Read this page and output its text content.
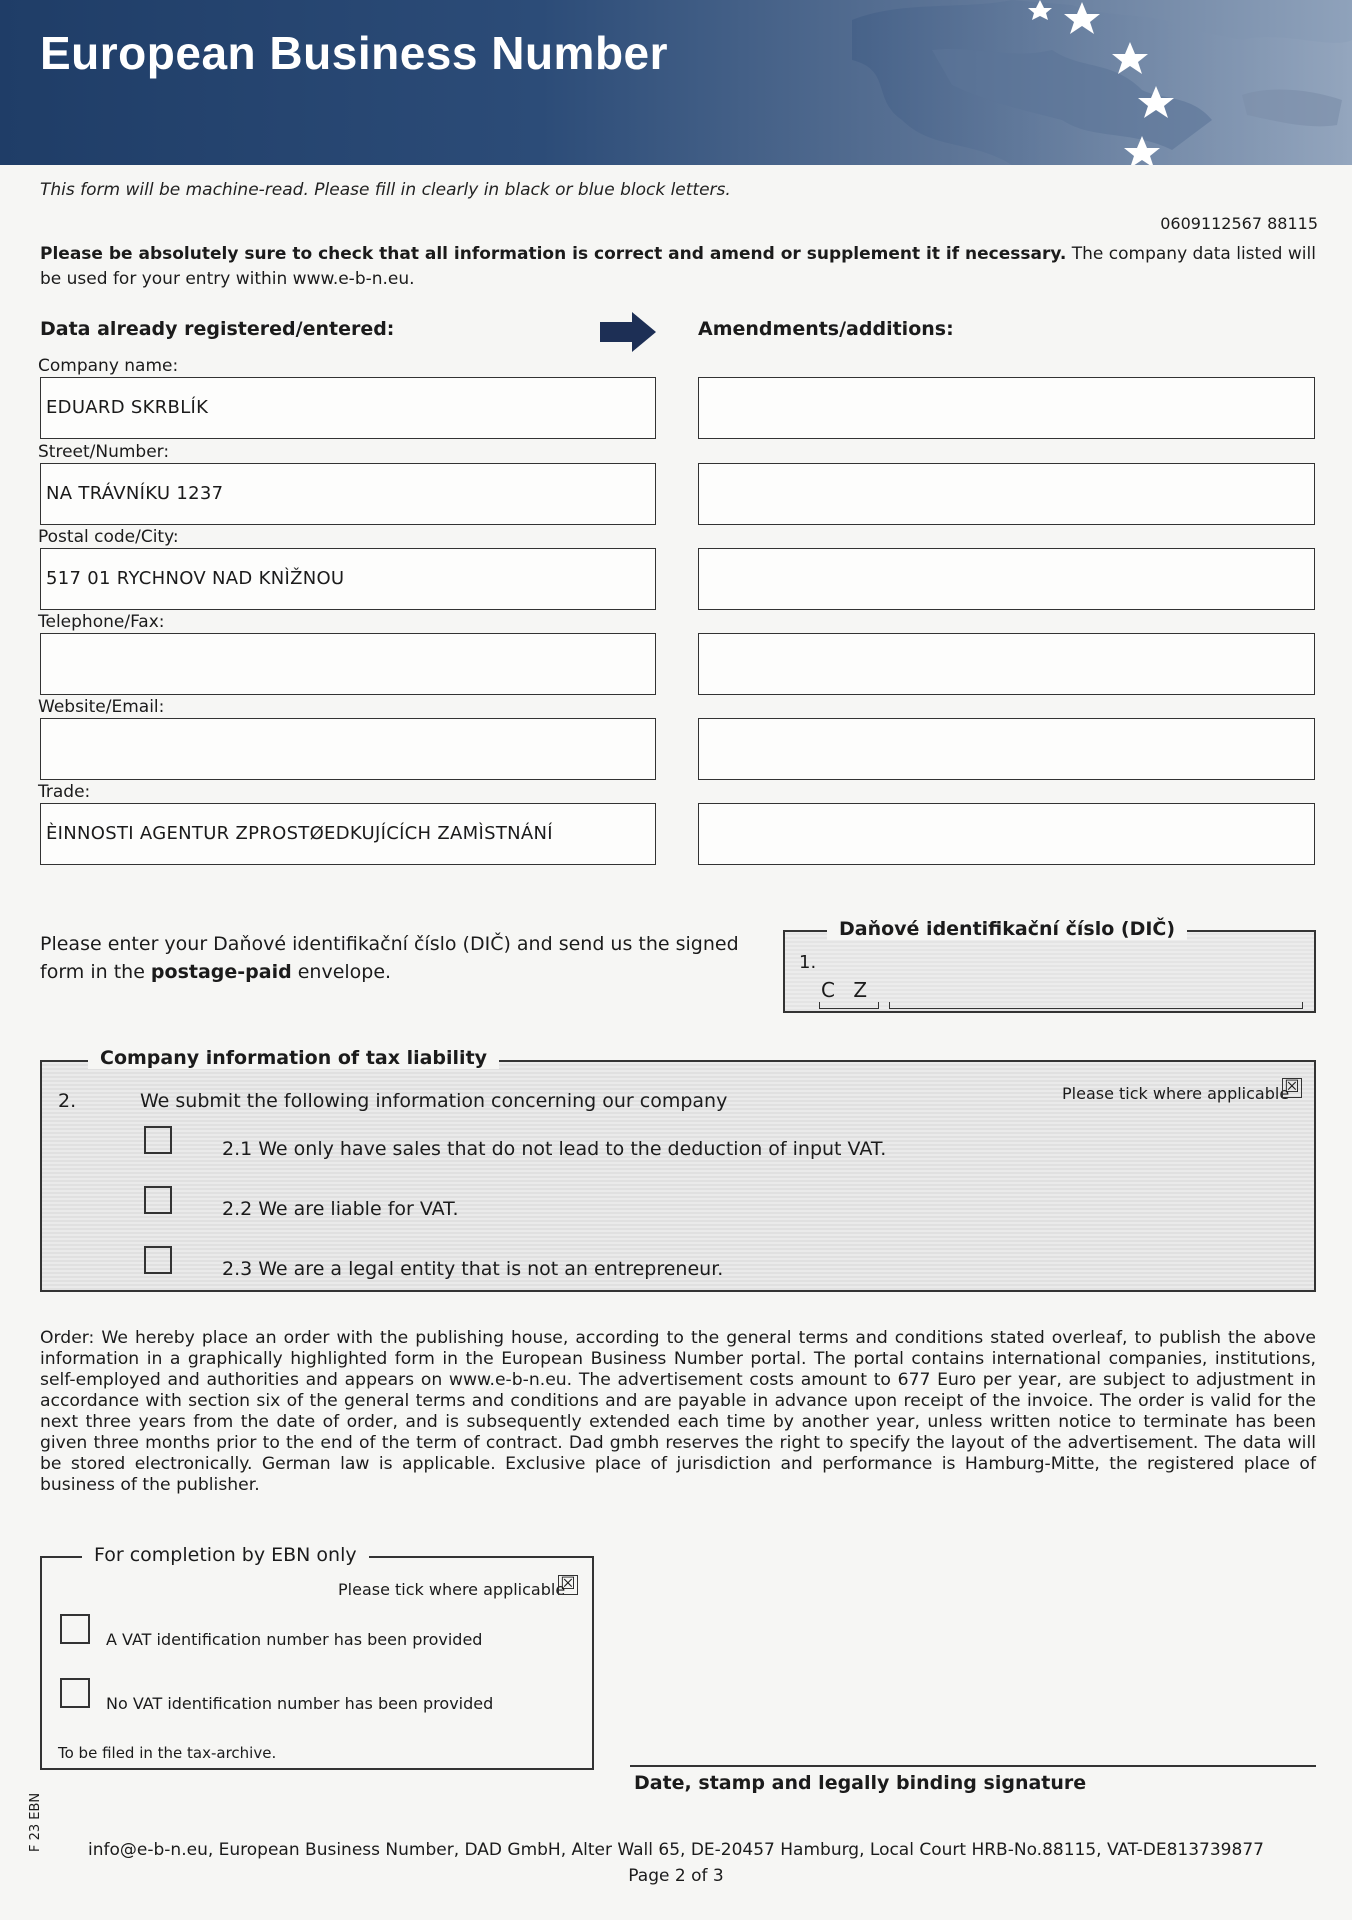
European Business Number
This form will be machine-read. Please fill in clearly in black or blue block letters.
0609112567 88115
Please be absolutely sure to check that all information is correct and amend or supplement it if necessary. The company data listed will be used for your entry within www.e-b-n.eu.
Data already registered/entered:	Amendments/additions:
Company name:
EDUARD SKRBLÍK
Street/Number:
NA TRÁVNÍKU 1237
Postal code/City:
517 01 RYCHNOV NAD KNÌŽNOU
Telephone/Fax:
Website/Email:
Trade:
ÈINNOSTI AGENTUR ZPROSTØEDKUJÍCÍCH ZAMÌSTNÁNÍ
Please enter your Daňové identifikační číslo (DIČ) and send us the signed form in the postage-paid envelope.
Daňové identifikační číslo (DIČ)
1.
C Z
Company information of tax liability
2.	We submit the following information concerning our company	Please tick where applicable
☒
2.1 We only have sales that do not lead to the deduction of input VAT.
2.2 We are liable for VAT.
2.3 We are a legal entity that is not an entrepreneur.
Order: We hereby place an order with the publishing house, according to the general terms and conditions stated overleaf, to publish the above information in a graphically highlighted form in the European Business Number portal. The portal contains international companies, institutions, self-employed and authorities and appears on www.e-b-n.eu. The advertisement costs amount to 677 Euro per year, are subject to adjustment in accordance with section six of the general terms and conditions and are payable in advance upon receipt of the invoice. The order is valid for the next three years from the date of order, and is subsequently extended each time by another year, unless written notice to terminate has been given three months prior to the end of the term of contract. Dad gmbh reserves the right to specify the layout of the advertisement. The data will be stored electronically. German law is applicable. Exclusive place of jurisdiction and performance is Hamburg-Mitte, the registered place of business of the publisher.
For completion by EBN only
Please tick where applicable
☒
A VAT identification number has been provided
No VAT identification number has been provided
To be filed in the tax-archive.
Date, stamp and legally binding signature
info@e-b-n.eu, European Business Number, DAD GmbH, Alter Wall 65, DE-20457 Hamburg, Local Court HRB-No.88115, VAT-DE813739877
Page 2 of 3
F 23 EBN
